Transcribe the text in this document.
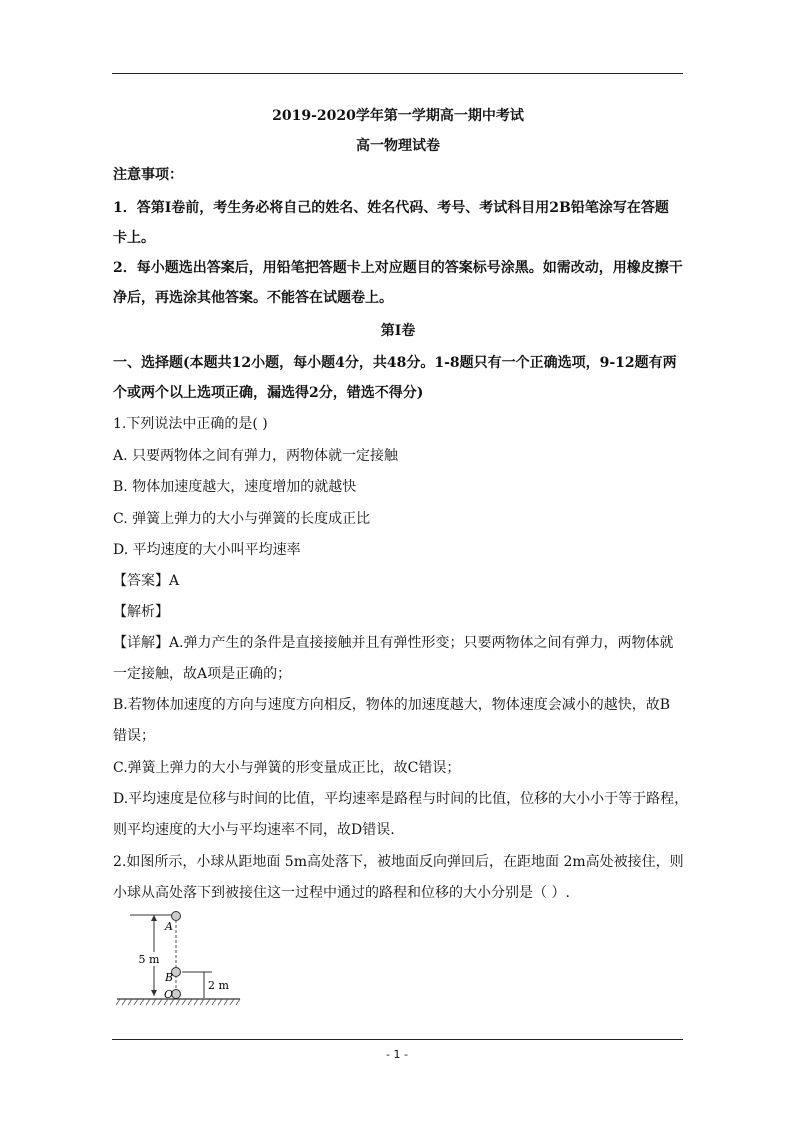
2019-2020学年第一学期高一期中考试
高一物理试卷
注意事项：
1．答第Ⅰ卷前，考生务必将自己的姓名、姓名代码、考号、考试科目用2B铅笔涂写在答题
卡上。
2．每小题选出答案后，用铅笔把答题卡上对应题目的答案标号涂黑。如需改动，用橡皮擦干
净后，再选涂其他答案。不能答在试题卷上。
第Ⅰ卷
一、选择题(本题共12小题，每小题4分，共48分。1-8题只有一个正确选项，9-12题有两
个或两个以上选项正确，漏选得2分，错选不得分)
1.下列说法中正确的是( )
A. 只要两物体之间有弹力，两物体就一定接触
B. 物体加速度越大，速度增加的就越快
C. 弹簧上弹力的大小与弹簧的长度成正比
D. 平均速度的大小叫平均速率
【答案】A
【解析】
【详解】A.弹力产生的条件是直接接触并且有弹性形变；只要两物体之间有弹力，两物体就
一定接触，故A项是正确的；
B.若物体加速度的方向与速度方向相反，物体的加速度越大，物体速度会减小的越快，故B
错误；
C.弹簧上弹力的大小与弹簧的形变量成正比，故C错误；
D.平均速度是位移与时间的比值，平均速率是路程与时间的比值，位移的大小小于等于路程，
则平均速度的大小与平均速率不同，故D错误.
2.如图所示，小球从距地面 5m高处落下，被地面反向弹回后，在距地面 2m高处被接住，则
小球从高处落下到被接住这一过程中通过的路程和位移的大小分别是（ ）.
5 m
A
B
O
2 m
- 1 -
